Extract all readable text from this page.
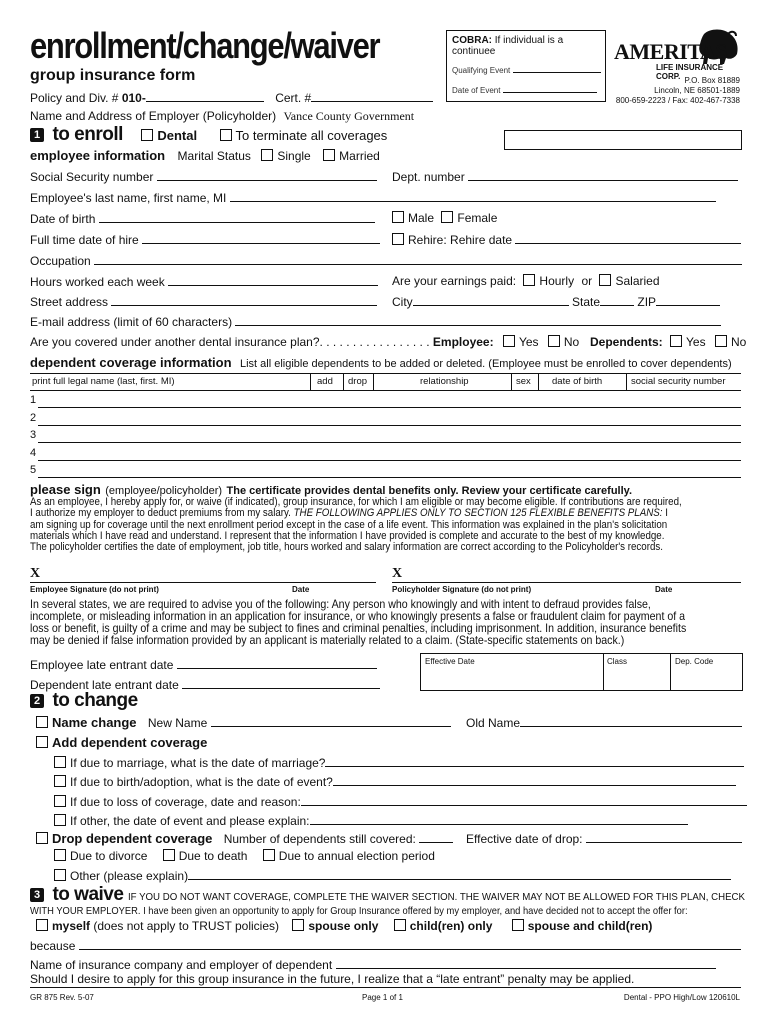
enrollment/change/waiver
group insurance form
Policy and Div. # 010-	Cert. #
Name and Address of Employer (Policyholder) Vance County Government
COBRA: If individual is a continuee
Qualifying Event
Date of Event
AMERITAS
LIFE INSURANCE CORP. P.O. Box 81889
Lincoln, NE 68501-1889
800-659-2223 / Fax: 402-467-7338
1 to enroll	Dental	To terminate all coverages
employee information Marital Status Single Married
Social Security number	Dept. number
Employee's last name, first name, MI
Date of birth	Male Female
Full time date of hire	Rehire: Rehire date
Occupation
Hours worked each week	Are your earnings paid: Hourly or Salaried
Street address	City	State	ZIP
E-mail address (limit of 60 characters)
Are you covered under another dental insurance plan?. . . . . . . . . . . . . . . . . Employee: Yes No Dependents: Yes No
dependent coverage information List all eligible dependents to be added or deleted. (Employee must be enrolled to cover dependents)
print full legal name (last, first. MI)	add drop	relationship	sex date of birth	social security number
1
2
3
4
5
please sign (employee/policyholder) The certificate provides dental benefits only. Review your certificate carefully.
As an employee, I hereby apply for, or waive (if indicated), group insurance, for which I am eligible or may become eligible. If contributions are required,
I authorize my employer to deduct premiums from my salary. THE FOLLOWING APPLIES ONLY TO SECTION 125 FLEXIBLE BENEFITS PLANS: I
am signing up for coverage until the next enrollment period except in the case of a life event. This information was explained in the plan's solicitation
materials which I have read and understand. I represent that the information I have provided is complete and accurate to the best of my knowledge.
The policyholder certifies the date of employment, job title, hours worked and salary information are correct according to the Policyholder's records.
X
Employee Signature (do not print)	Date
X
Policyholder Signature (do not print)	Date
In several states, we are required to advise you of the following: Any person who knowingly and with intent to defraud provides false,
incomplete, or misleading information in an application for insurance, or who knowingly presents a false or fraudulent claim for payment of a
loss or benefit, is guilty of a crime and may be subject to fines and criminal penalties, including imprisonment. In addition, insurance benefits
may be denied if false information provided by an applicant is materially related to a claim. (State-specific statements on back.)
Employee late entrant date
Dependent late entrant date
Effective Date	Class	Dep. Code
2 to change
Name change New Name	Old Name
Add dependent coverage
If due to marriage, what is the date of marriage?
If due to birth/adoption, what is the date of event?
If due to loss of coverage, date and reason:
If other, the date of event and please explain:
Drop dependent coverage Number of dependents still covered:	Effective date of drop:
Due to divorce	Due to death	Due to annual election period
Other (please explain)
3 to waive IF YOU DO NOT WANT COVERAGE, COMPLETE THE WAIVER SECTION. THE WAIVER MAY NOT BE ALLOWED FOR THIS PLAN, CHECK
WITH YOUR EMPLOYER. I have been given an opportunity to apply for Group Insurance offered by my employer, and have decided not to accept the offer for:
myself (does not apply to TRUST policies) spouse only	child(ren) only	spouse and child(ren)
because
Name of insurance company and employer of dependent
Should I desire to apply for this group insurance in the future, I realize that a “late entrant” penalty may be applied.
GR 875 Rev. 5-07	Page 1 of 1	Dental - PPO High/Low 120610L
